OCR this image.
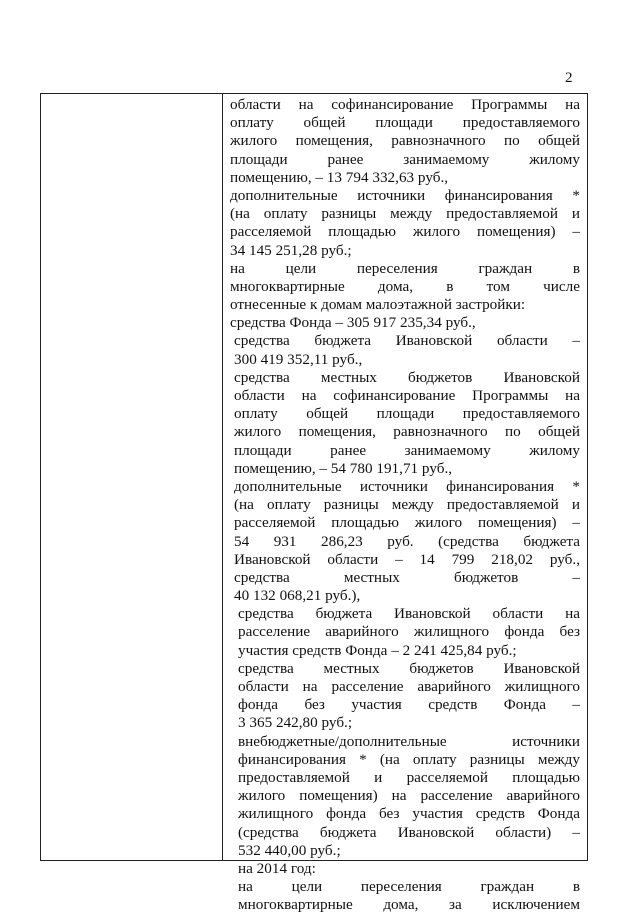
2
области на софинансирование Программы на
оплату общей площади предоставляемого
жилого помещения, равнозначного по общей
площади ранее занимаемому жилому
помещению, – 13 794 332,63 руб.,
дополнительные источники финансирования *
(на оплату разницы между предоставляемой и
расселяемой площадью жилого помещения) –
34 145 251,28 руб.;
на цели переселения граждан в
многоквартирные дома, в том числе
отнесенные к домам малоэтажной застройки:
средства Фонда – 305 917 235,34 руб.,
средства бюджета Ивановской области –
300 419 352,11 руб.,
средства местных бюджетов Ивановской
области на софинансирование Программы на
оплату общей площади предоставляемого
жилого помещения, равнозначного по общей
площади ранее занимаемому жилому
помещению, – 54 780 191,71 руб.,
дополнительные источники финансирования *
(на оплату разницы между предоставляемой и
расселяемой площадью жилого помещения) –
54 931 286,23 руб. (средства бюджета
Ивановской области – 14 799 218,02 руб.,
средства местных бюджетов –
40 132 068,21 руб.),
средства бюджета Ивановской области на
расселение аварийного жилищного фонда без
участия средств Фонда – 2 241 425,84 руб.;
средства местных бюджетов Ивановской
области на расселение аварийного жилищного
фонда без участия средств Фонда –
3 365 242,80 руб.;
внебюджетные/дополнительные источники
финансирования * (на оплату разницы между
предоставляемой и расселяемой площадью
жилого помещения) на расселение аварийного
жилищного фонда без участия средств Фонда
(средства бюджета Ивановской области) –
532 440,00 руб.;
на 2014 год:
на цели переселения граждан в
многоквартирные дома, за исключением
